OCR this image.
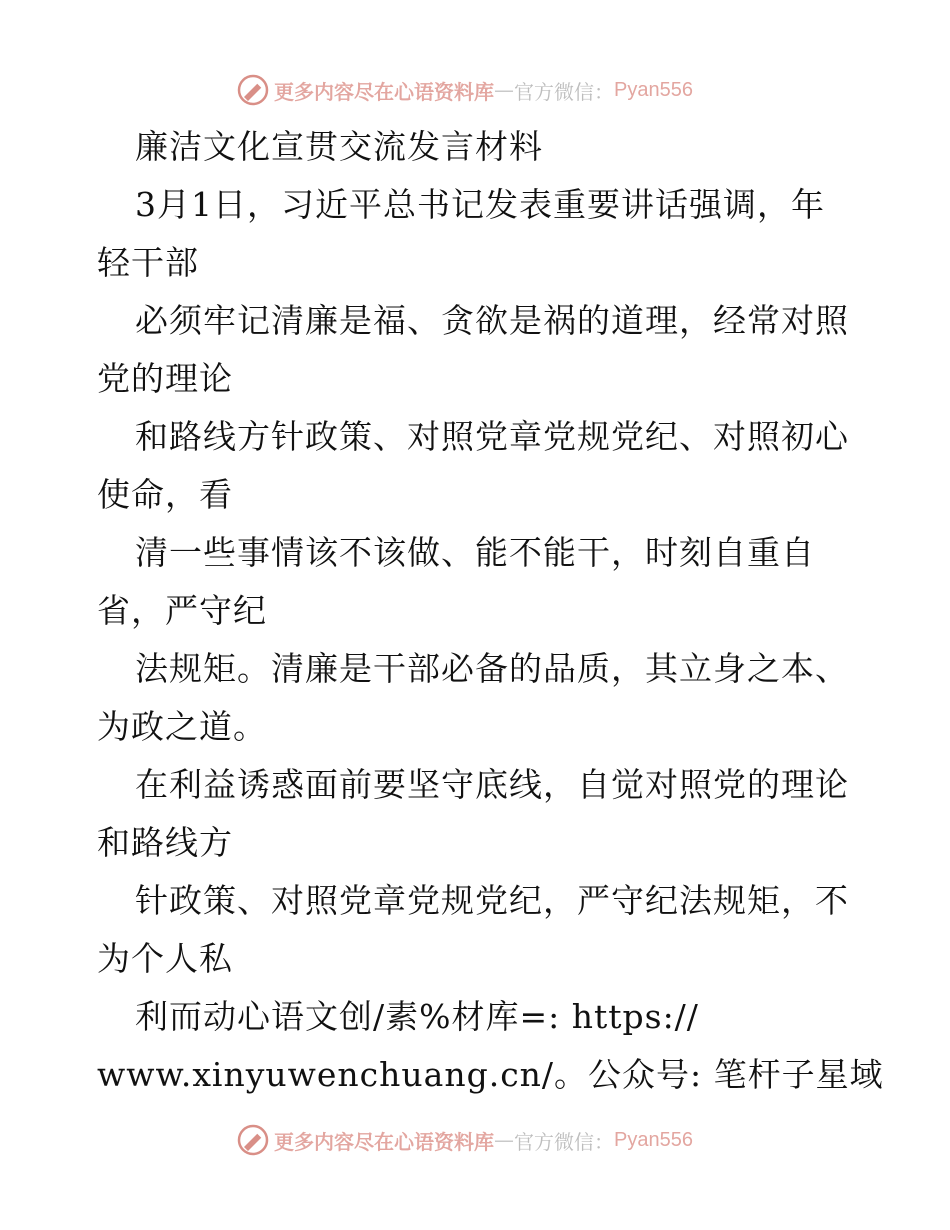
更多内容尽在心语资料库 — 官方微信： Pyan556
廉洁文化宣贯交流发言材料
3月1日，习近平总书记发表重要讲话强调，年
轻干部
必须牢记清廉是福、贪欲是祸的道理，经常对照
党的理论
和路线方针政策、对照党章党规党纪、对照初心
使命，看
清一些事情该不该做、能不能干，时刻自重自
省，严守纪
法规矩。清廉是干部必备的品质，其立身之本、
为政之道。
在利益诱惑面前要坚守底线，自觉对照党的理论
和路线方
针政策、对照党章党规党纪，严守纪法规矩，不
为个人私
利而动心语文创/素%材库=: https://
www.xinyuwenchuang.cn/。公众号: 笔杆子星域
更多内容尽在心语资料库 — 官方微信： Pyan556
